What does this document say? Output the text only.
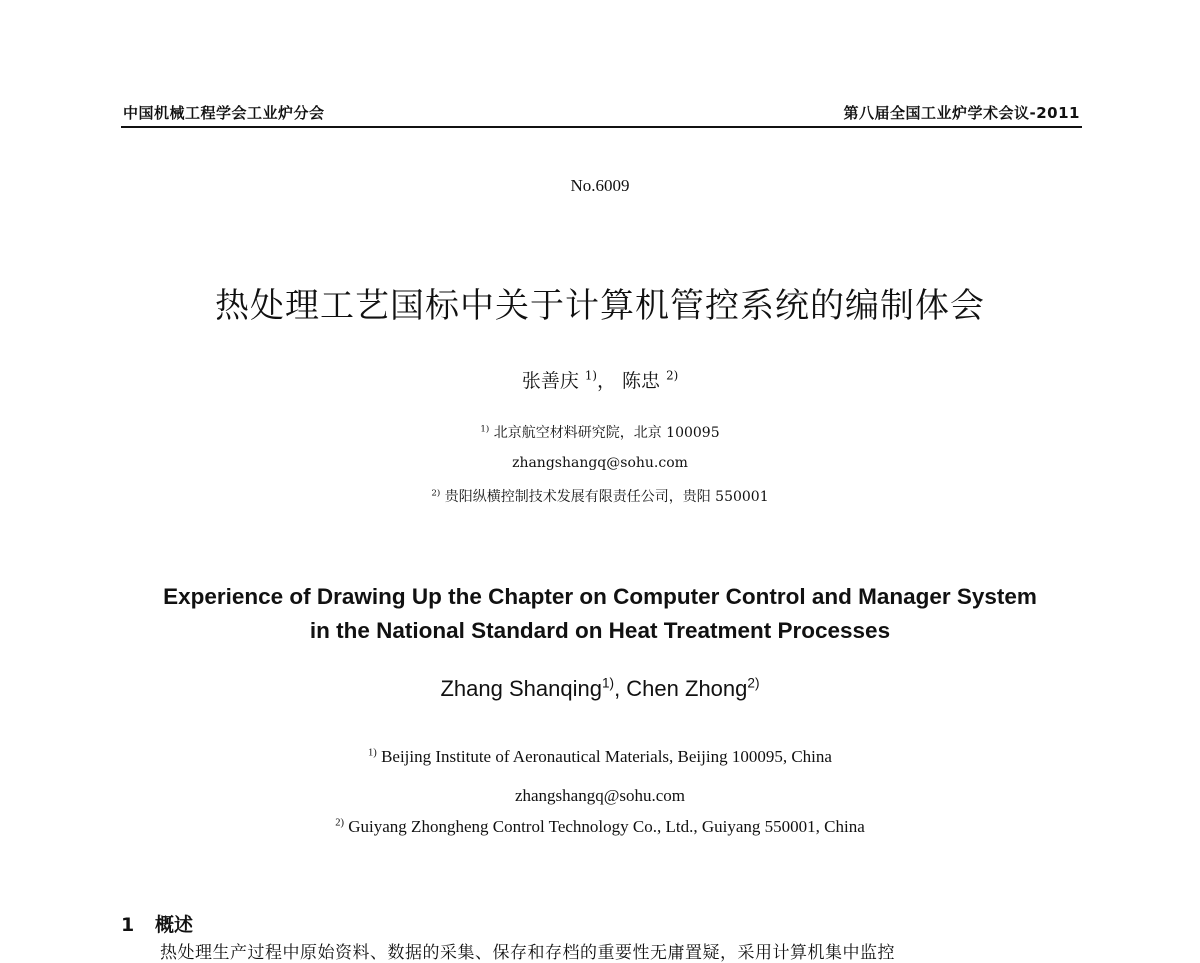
中国机械工程学会工业炉分会	第八届全国工业炉学术会议-2011
No.6009
热处理工艺国标中关于计算机管控系统的编制体会
张善庆 $^{1)}$， 陈忠 $^{2)}$
$^{1)}$ 北京航空材料研究院，北京 100095
zhangshangq@sohu.com
$^{2)}$ 贵阳纵横控制技术发展有限责任公司，贵阳 550001
Experience of Drawing Up the Chapter on Computer Control and Manager System
in the National Standard on Heat Treatment Processes
Zhang Shanqing$^{1)}$, Chen Zhong$^{2)}$
$^{1)}$ Beijing Institute of Aeronautical Materials, Beijing 100095, China
zhangshangq@sohu.com
$^{2)}$ Guiyang Zhongheng Control Technology Co., Ltd., Guiyang 550001, China
1 概述
热处理生产过程中原始资料、数据的采集、保存和存档的重要性无庸置疑，采用计算机集中监控
